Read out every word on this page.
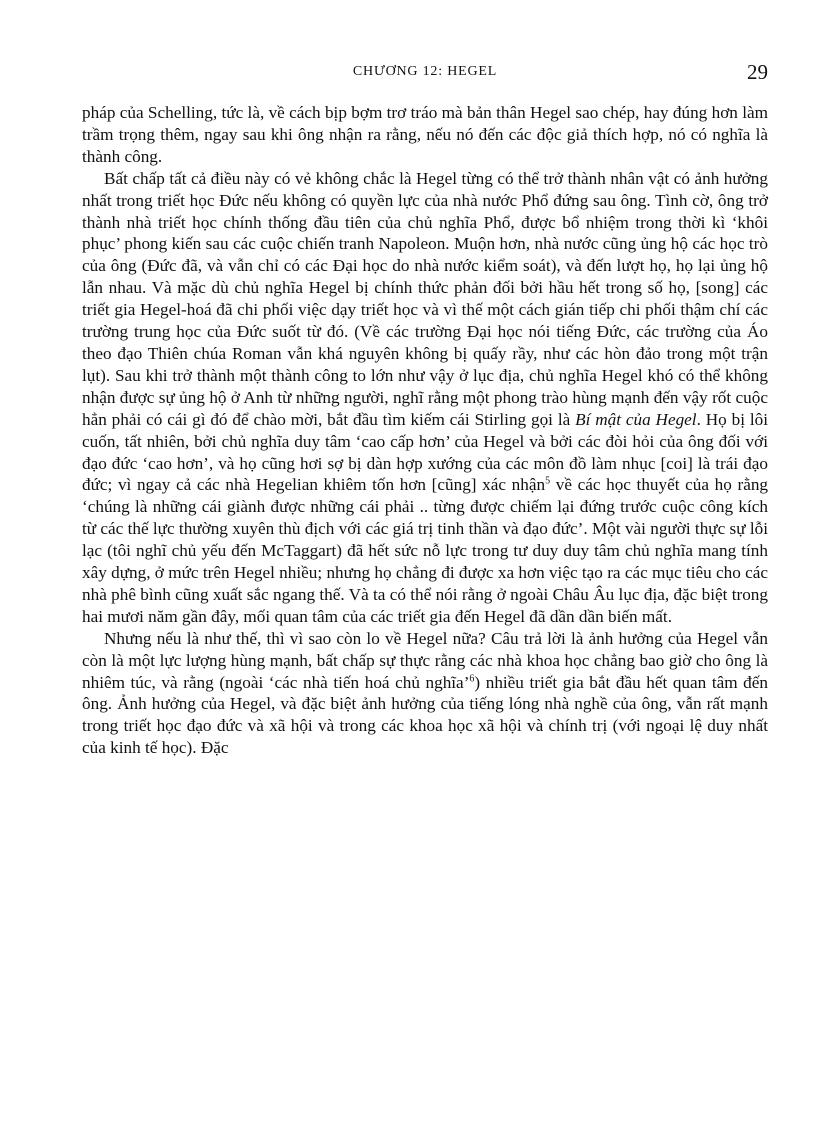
CHƯƠNG 12: HEGEL	29

pháp của Schelling, tức là, về cách bịp bợm trơ tráo mà bản thân Hegel sao chép, hay đúng hơn làm trầm trọng thêm, ngay sau khi ông nhận ra rằng, nếu nó đến các độc giả thích hợp, nó có nghĩa là thành công.

Bất chấp tất cả điều này có vẻ không chắc là Hegel từng có thể trở thành nhân vật có ảnh hưởng nhất trong triết học Đức nếu không có quyền lực của nhà nước Phổ đứng sau ông. Tình cờ, ông trở thành nhà triết học chính thống đầu tiên của chủ nghĩa Phổ, được bổ nhiệm trong thời kì ‘khôi phục’ phong kiến sau các cuộc chiến tranh Napoleon. Muộn hơn, nhà nước cũng ủng hộ các học trò của ông (Đức đã, và vẫn chỉ có các Đại học do nhà nước kiểm soát), và đến lượt họ, họ lại ủng hộ lẫn nhau. Và mặc dù chủ nghĩa Hegel bị chính thức phản đối bởi hầu hết trong số họ, [song] các triết gia Hegel-hoá đã chi phối việc dạy triết học và vì thế một cách gián tiếp chi phối thậm chí các trường trung học của Đức suốt từ đó. (Về các trường Đại học nói tiếng Đức, các trường của Áo theo đạo Thiên chúa Roman vẫn khá nguyên không bị quấy rầy, như các hòn đảo trong một trận lụt). Sau khi trở thành một thành công to lớn như vậy ở lục địa, chủ nghĩa Hegel khó có thể không nhận được sự ủng hộ ở Anh từ những người, nghĩ rằng một phong trào hùng mạnh đến vậy rốt cuộc hẳn phải có cái gì đó để chào mời, bắt đầu tìm kiếm cái Stirling gọi là Bí mật của Hegel. Họ bị lôi cuốn, tất nhiên, bởi chủ nghĩa duy tâm ‘cao cấp hơn’ của Hegel và bởi các đòi hỏi của ông đối với đạo đức ‘cao hơn’, và họ cũng hơi sợ bị dàn hợp xướng của các môn đồ làm nhục [coi] là trái đạo đức; vì ngay cả các nhà Hegelian khiêm tốn hơn [cũng] xác nhận$^5$ về các học thuyết của họ rằng ‘chúng là những cái giành được những cái phải .. từng được chiếm lại đứng trước cuộc công kích từ các thế lực thường xuyên thù địch với các giá trị tinh thần và đạo đức’. Một vài người thực sự lỗi lạc (tôi nghĩ chủ yếu đến McTaggart) đã hết sức nỗ lực trong tư duy duy tâm chủ nghĩa mang tính xây dựng, ở mức trên Hegel nhiều; nhưng họ chẳng đi được xa hơn việc tạo ra các mục tiêu cho các nhà phê bình cũng xuất sắc ngang thế. Và ta có thể nói rằng ở ngoài Châu Âu lục địa, đặc biệt trong hai mươi năm gần đây, mối quan tâm của các triết gia đến Hegel đã dần dần biến mất.

Nhưng nếu là như thế, thì vì sao còn lo về Hegel nữa? Câu trả lời là ảnh hưởng của Hegel vẫn còn là một lực lượng hùng mạnh, bất chấp sự thực rằng các nhà khoa học chẳng bao giờ cho ông là nhiêm túc, và rằng (ngoài ‘các nhà tiến hoá chủ nghĩa’$^6$) nhiều triết gia bắt đầu hết quan tâm đến ông. Ảnh hưởng của Hegel, và đặc biệt ảnh hưởng của tiếng lóng nhà nghề của ông, vẫn rất mạnh trong triết học đạo đức và xã hội và trong các khoa học xã hội và chính trị (với ngoại lệ duy nhất của kinh tế học). Đặc
